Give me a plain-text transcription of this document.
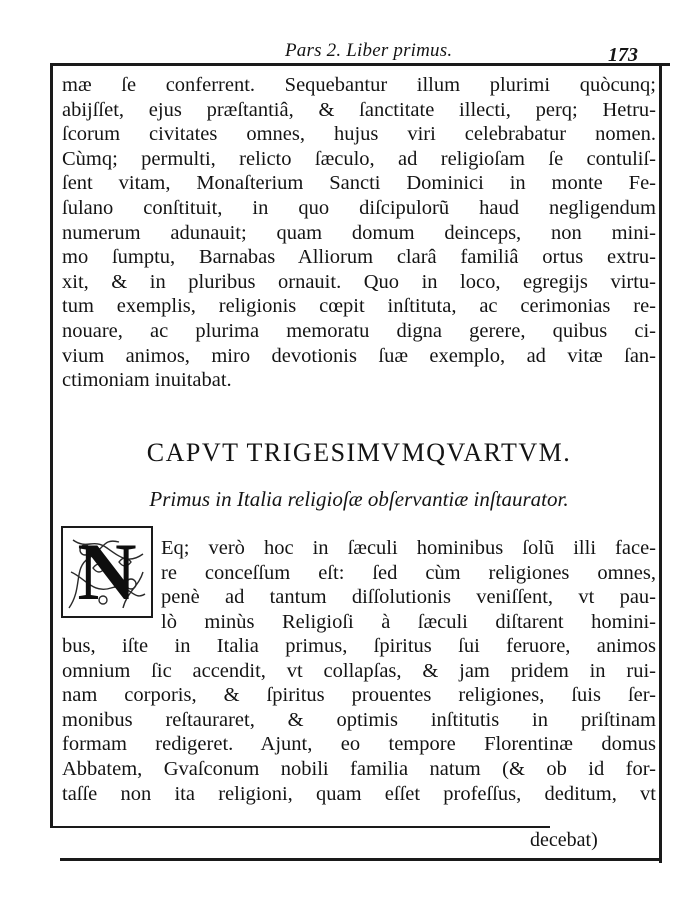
Pars 2. Liber primus.	173
mæ ſe conferrent. Sequebantur illum plurimi quòcunq;
abijſſet, ejus præſtantiâ, & ſanctitate illecti, perq; Hetru-
ſcorum civitates omnes, hujus viri celebrabatur nomen.
Cùmq; permulti, relicto ſæculo, ad religioſam ſe contuliſ-
ſent vitam, Monaſterium Sancti Dominici in monte Fe-
ſulano conſtituit, in quo diſcipulorũ haud negligendum
numerum adunauit; quam domum deinceps, non mini-
mo ſumptu, Barnabas Alliorum clarâ familiâ ortus extru-
xit, & in pluribus ornauit. Quo in loco, egregijs virtu-
tum exemplis, religionis cœpit inſtituta, ac cerimonias re-
nouare, ac plurima memoratu digna gerere, quibus ci-
vium animos, miro devotionis ſuæ exemplo, ad vitæ ſan-
ctimoniam inuitabat.
CAPVT TRIGESIMVMQVARTVM.
Primus in Italia religioſæ obſervantiæ inſtaurator.
N	Eq; verò hoc in ſæculi hominibus ſolũ illi face-
re conceſſum eſt: ſed cùm religiones omnes,
penè ad tantum diſſolutionis veniſſent, vt pau-
lò minùs Religioſi à ſæculi diſtarent homini-
bus, iſte in Italia primus, ſpiritus ſui feruore, animos
omnium ſic accendit, vt collapſas, & jam pridem in rui-
nam corporis, & ſpiritus prouentes religiones, ſuis ſer-
monibus reſtauraret, & optimis inſtitutis in priſtinam
formam redigeret. Ajunt, eo tempore Florentinæ domus
Abbatem, Gvaſconum nobili familia natum (& ob id for-
taſſe non ita religioni, quam eſſet profeſſus, deditum, vt
decebat)
